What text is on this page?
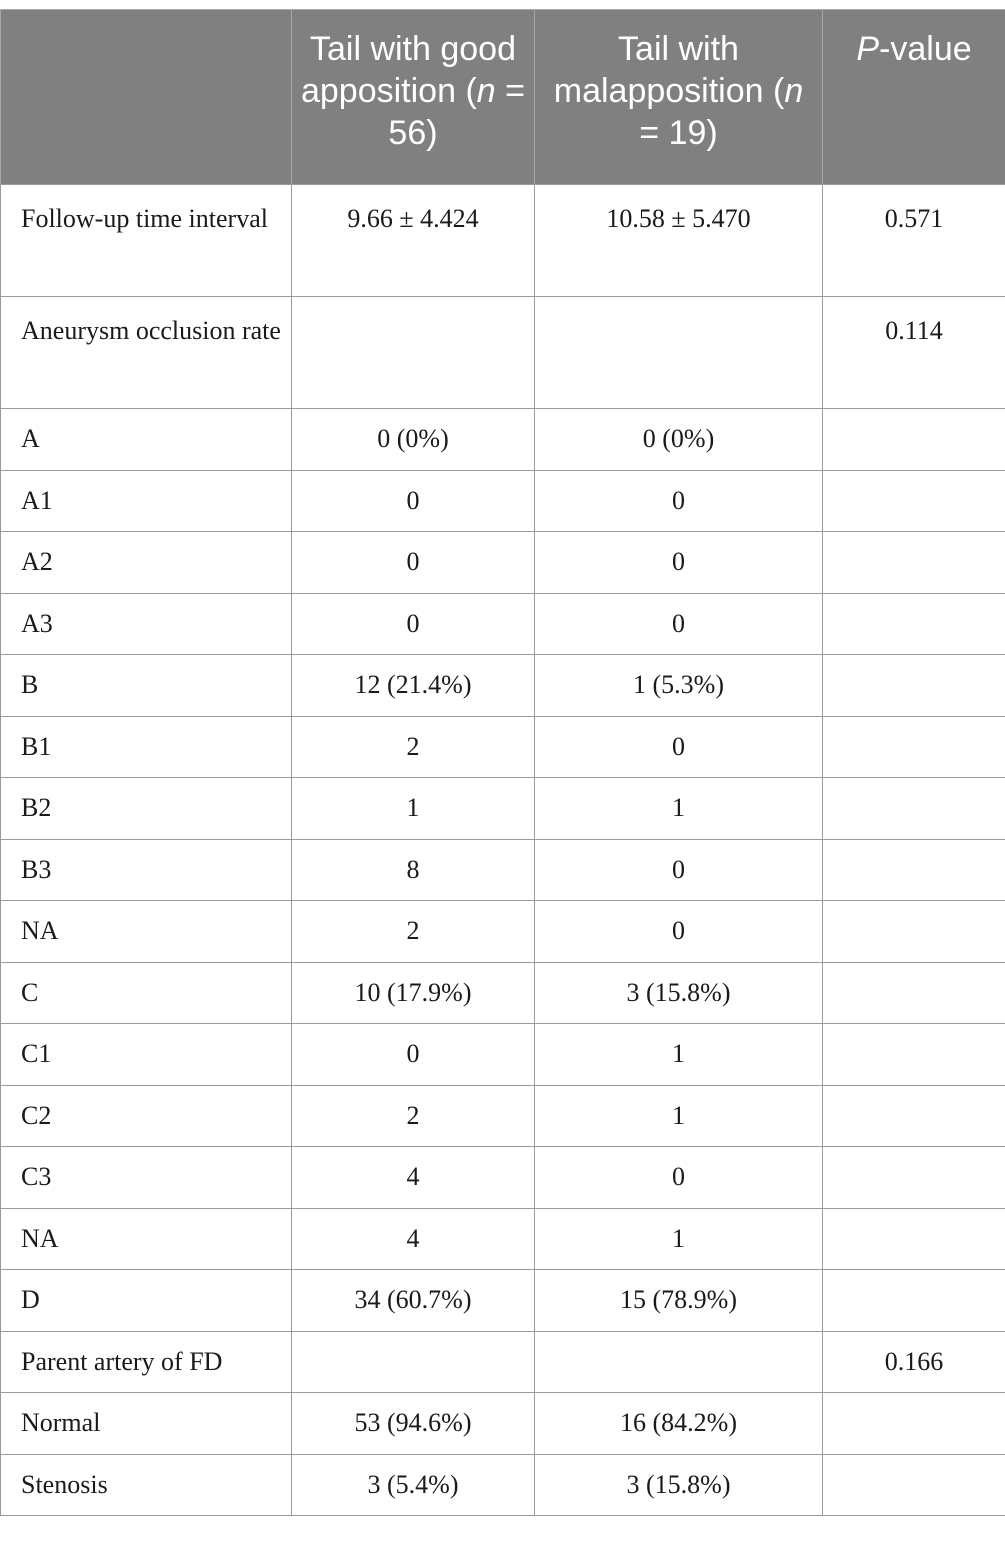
	Tail with good apposition (n = 56)	Tail with malapposition (n = 19)	P-value
Follow-up time interval	9.66 ± 4.424	10.58 ± 5.470	0.571
Aneurysm occlusion rate			0.114
A	0 (0%)	0 (0%)	
A1	0	0	
A2	0	0	
A3	0	0	
B	12 (21.4%)	1 (5.3%)	
B1	2	0	
B2	1	1	
B3	8	0	
NA	2	0	
C	10 (17.9%)	3 (15.8%)	
C1	0	1	
C2	2	1	
C3	4	0	
NA	4	1	
D	34 (60.7%)	15 (78.9%)	
Parent artery of FD			0.166
Normal	53 (94.6%)	16 (84.2%)	
Stenosis	3 (5.4%)	3 (15.8%)	
